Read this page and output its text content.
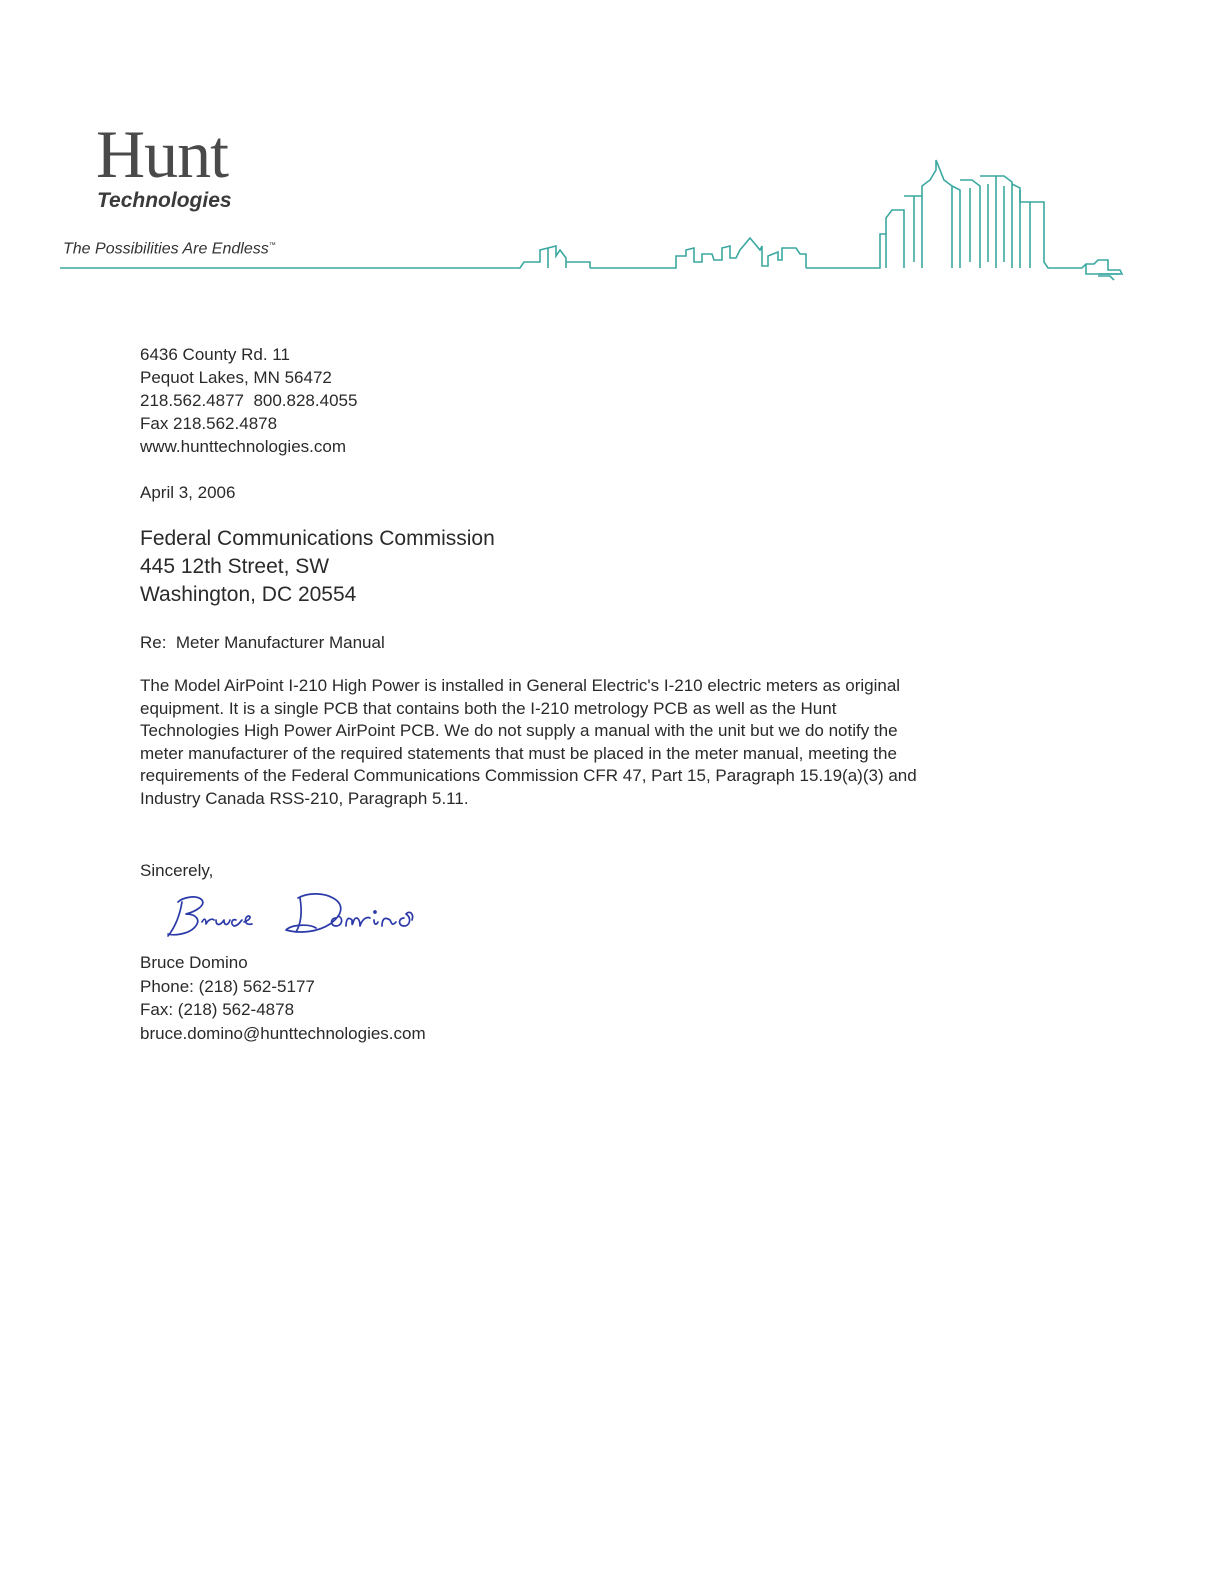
Hunt
Technologies
The Possibilities Are Endless™
6436 County Rd. 11
Pequot Lakes, MN 56472
218.562.4877  800.828.4055
Fax 218.562.4878
www.hunttechnologies.com
April 3, 2006
Federal Communications Commission
445 12th Street, SW
Washington, DC 20554
Re:  Meter Manufacturer Manual
The Model AirPoint I-210 High Power is installed in General Electric's I-210 electric meters as original
equipment. It is a single PCB that contains both the I-210 metrology PCB as well as the Hunt
Technologies High Power AirPoint PCB. We do not supply a manual with the unit but we do notify the
meter manufacturer of the required statements that must be placed in the meter manual, meeting the
requirements of the Federal Communications Commission CFR 47, Part 15, Paragraph 15.19(a)(3) and
Industry Canada RSS-210, Paragraph 5.11.
Sincerely,
Bruce Domino
Phone: (218) 562-5177
Fax: (218) 562-4878
bruce.domino@hunttechnologies.com
